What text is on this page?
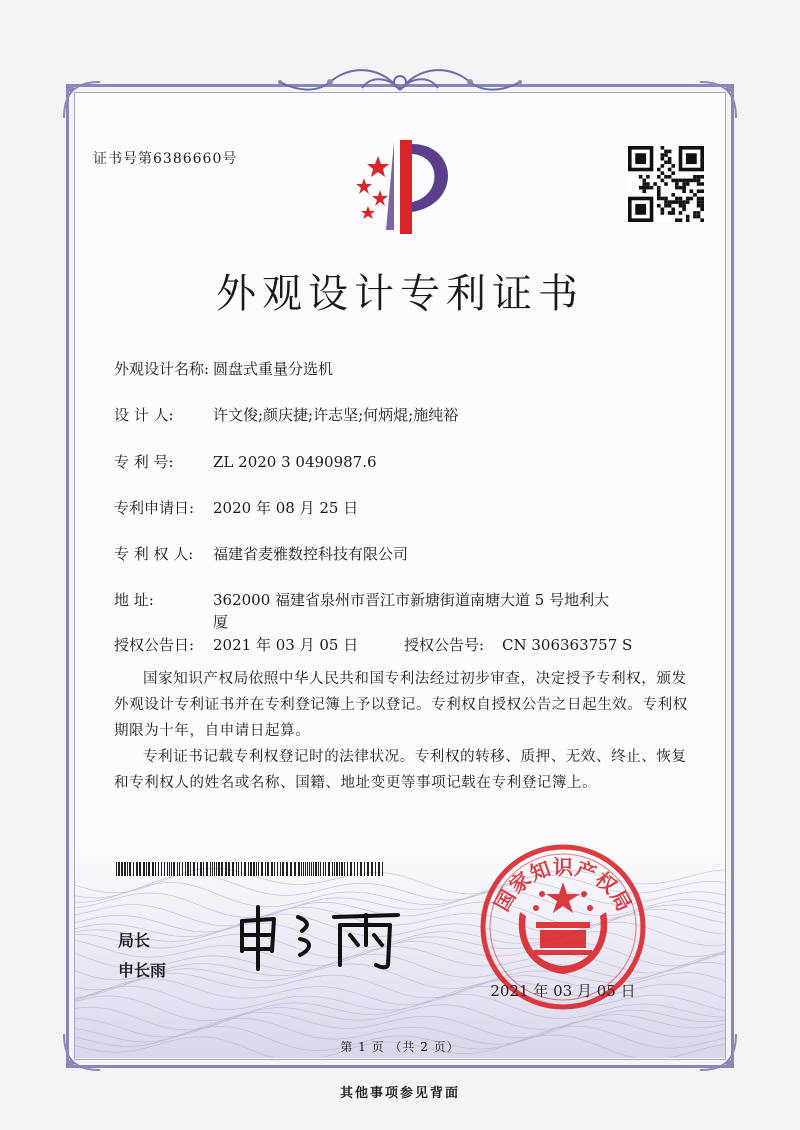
证书号第6386660号
外观设计专利证书
外观设计名称: 圆盘式重量分选机
设 计 人:	许文俊;颜庆捷;许志坚;何炳焜;施纯裕
专 利 号:	ZL 2020 3 0490987.6
专利申请日:	2020 年 08 月 25 日
专 利 权 人:	福建省麦雅数控科技有限公司
地 址:	362000 福建省泉州市晋江市新塘街道南塘大道 5 号地利大
厦
授权公告日:	2021 年 03 月 05 日	授权公告号:	CN 306363757 S
国家知识产权局依照中华人民共和国专利法经过初步审查，决定授予专利权，颁发外观设计专利证书并在专利登记簿上予以登记。专利权自授权公告之日起生效。专利权期限为十年，自申请日起算。
专利证书记载专利权登记时的法律状况。专利权的转移、质押、无效、终止、恢复和专利权人的姓名或名称、国籍、地址变更等事项记载在专利登记簿上。
局长
申长雨
国
家
知 识 产
权
局
2021 年 03 月 05 日
第 1 页 （共 2 页）
其他事项参见背面
